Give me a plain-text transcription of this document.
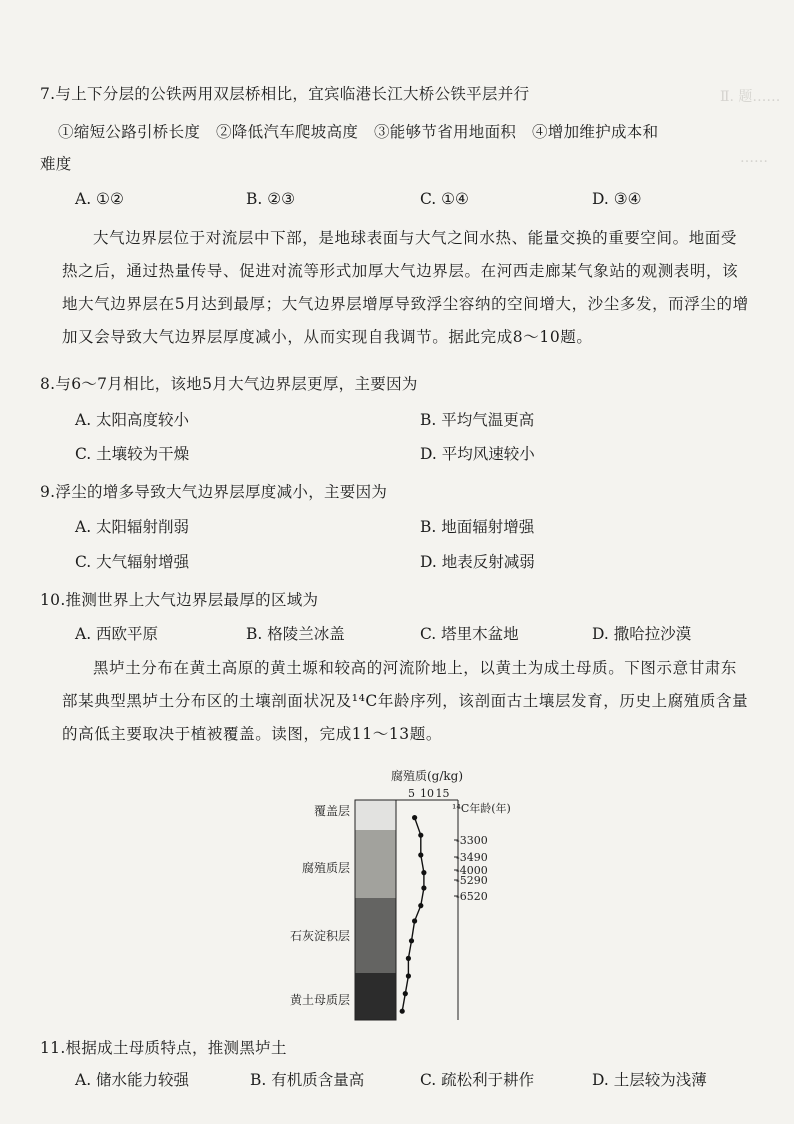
Ⅱ. 题……
……
7.与上下分层的公铁两用双层桥相比，宜宾临港长江大桥公铁平层并行
①缩短公路引桥长度　②降低汽车爬坡高度　③能够节省用地面积　④增加维护成本和
难度
A. ①②	B. ②③	C. ①④	D. ③④
大气边界层位于对流层中下部，是地球表面与大气之间水热、能量交换的重要空间。地面受热之后，通过热量传导、促进对流等形式加厚大气边界层。在河西走廊某气象站的观测表明，该地大气边界层在5月达到最厚；大气边界层增厚导致浮尘容纳的空间增大，沙尘多发，而浮尘的增加又会导致大气边界层厚度减小，从而实现自我调节。据此完成8～10题。
8.与6～7月相比，该地5月大气边界层更厚，主要因为
A. 太阳高度较小	B. 平均气温更高
C. 土壤较为干燥	D. 平均风速较小
9.浮尘的增多导致大气边界层厚度减小，主要因为
A. 太阳辐射削弱	B. 地面辐射增强
C. 大气辐射增强	D. 地表反射减弱
10.推测世界上大气边界层最厚的区域为
A. 西欧平原	B. 格陵兰冰盖	C. 塔里木盆地	D. 撒哈拉沙漠
黑垆土分布在黄土高原的黄土塬和较高的河流阶地上，以黄土为成土母质。下图示意甘肃东部某典型黑垆土分布区的土壤剖面状况及¹⁴C年龄序列，该剖面古土壤层发育，历史上腐殖质含量的高低主要取决于植被覆盖。读图，完成11～13题。
覆盖层
腐殖质层
石灰淀积层
黄土母质层
腐殖质(g/kg)
5 10 15
¹⁴C年龄(年)
-3300
-3490
-4000
-5290
-6520
11.根据成土母质特点，推测黑垆土
A. 储水能力较强	B. 有机质含量高	C. 疏松利于耕作	D. 土层较为浅薄
